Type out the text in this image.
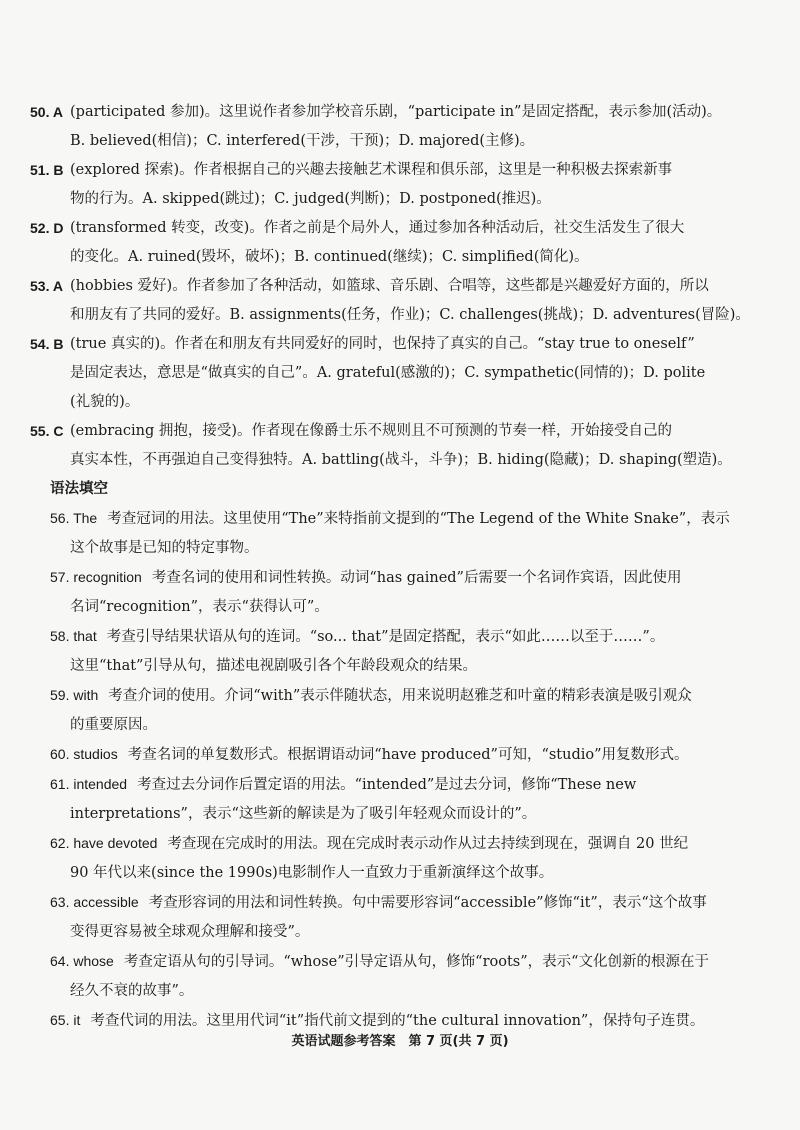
50. A (participated 参加)。这里说作者参加学校音乐剧，“participate in”是固定搭配，表示参加(活动)。
B. believed(相信)；C. interfered(干涉，干预)；D. majored(主修)。
51. B (explored 探索)。作者根据自己的兴趣去接触艺术课程和俱乐部，这里是一种积极去探索新事
物的行为。A. skipped(跳过)；C. judged(判断)；D. postponed(推迟)。
52. D (transformed 转变，改变)。作者之前是个局外人，通过参加各种活动后，社交生活发生了很大
的变化。A. ruined(毁坏，破坏)；B. continued(继续)；C. simplified(简化)。
53. A (hobbies 爱好)。作者参加了各种活动，如篮球、音乐剧、合唱等，这些都是兴趣爱好方面的，所以
和朋友有了共同的爱好。B. assignments(任务，作业)；C. challenges(挑战)；D. adventures(冒险)。
54. B (true 真实的)。作者在和朋友有共同爱好的同时，也保持了真实的自己。“stay true to oneself”
是固定表达，意思是“做真实的自己”。A. grateful(感激的)；C. sympathetic(同情的)；D. polite
(礼貌的)。
55. C (embracing 拥抱，接受)。作者现在像爵士乐不规则且不可预测的节奏一样，开始接受自己的
真实本性，不再强迫自己变得独特。A. battling(战斗，斗争)；B. hiding(隐藏)；D. shaping(塑造)。
语法填空
56. The 考查冠词的用法。这里使用“The”来特指前文提到的“The Legend of the White Snake”，表示

这个故事是已知的特定事物。
57. recognition 考查名词的使用和词性转换。动词“has gained”后需要一个名词作宾语，因此使用

名词“recognition”，表示“获得认可”。
58. that 考查引导结果状语从句的连词。“so... that”是固定搭配，表示“如此……以至于……”。

这里“that”引导从句，描述电视剧吸引各个年龄段观众的结果。
59. with 考查介词的使用。介词“with”表示伴随状态，用来说明赵雅芝和叶童的精彩表演是吸引观众

的重要原因。
60. studios 考查名词的单复数形式。根据谓语动词“have produced”可知，“studio”用复数形式。

61. intended 考查过去分词作后置定语的用法。“intended”是过去分词，修饰“These new

interpretations”，表示“这些新的解读是为了吸引年轻观众而设计的”。
62. have devoted 考查现在完成时的用法。现在完成时表示动作从过去持续到现在，强调自 20 世纪

90 年代以来(since the 1990s)电影制作人一直致力于重新演绎这个故事。
63. accessible 考查形容词的用法和词性转换。句中需要形容词“accessible”修饰“it”，表示“这个故事

变得更容易被全球观众理解和接受”。
64. whose 考查定语从句的引导词。“whose”引导定语从句，修饰“roots”，表示“文化创新的根源在于

经久不衰的故事”。
65. it 考查代词的用法。这里用代词“it”指代前文提到的“the cultural innovation”，保持句子连贯。

英语试题参考答案　第 7 页(共 7 页)
